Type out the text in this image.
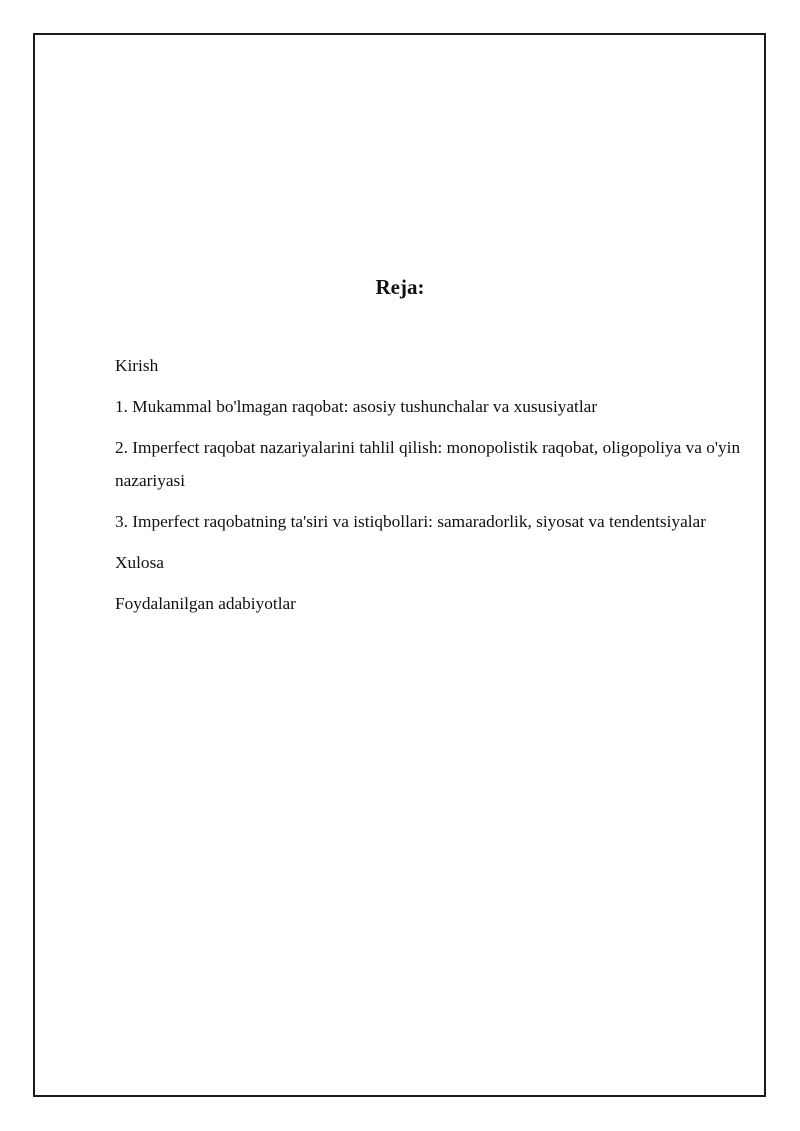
Reja:
Kirish
1. Mukammal bo'lmagan raqobat: asosiy tushunchalar va xususiyatlar
2. Imperfect raqobat nazariyalarini tahlil qilish: monopolistik raqobat, oligopoliya va o'yin nazariyasi
3. Imperfect raqobatning ta'siri va istiqbollari: samaradorlik, siyosat va tendentsiyalar
Xulosa
Foydalanilgan adabiyotlar
